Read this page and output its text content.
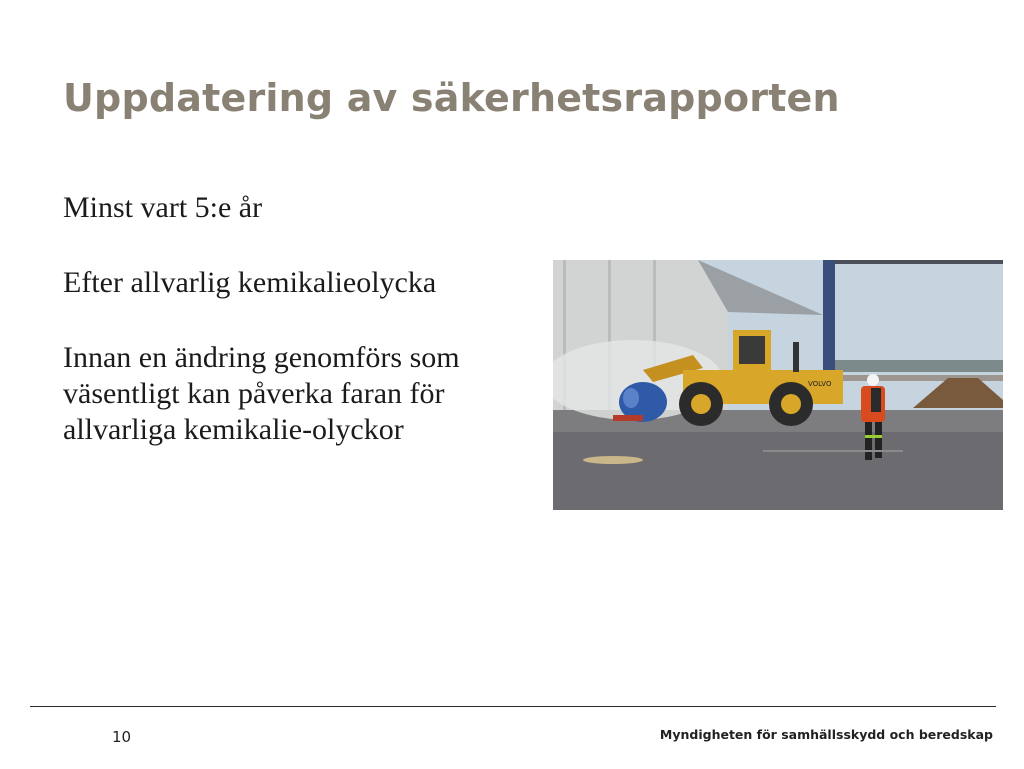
Uppdatering av säkerhetsrapporten

Minst vart 5:e år

Efter allvarlig kemikalieolycka

Innan en ändring genomförs som väsentligt kan påverka faran för allvarliga kemikalie-olyckor

VOLVO
10	Myndigheten för samhällsskydd och beredskap
